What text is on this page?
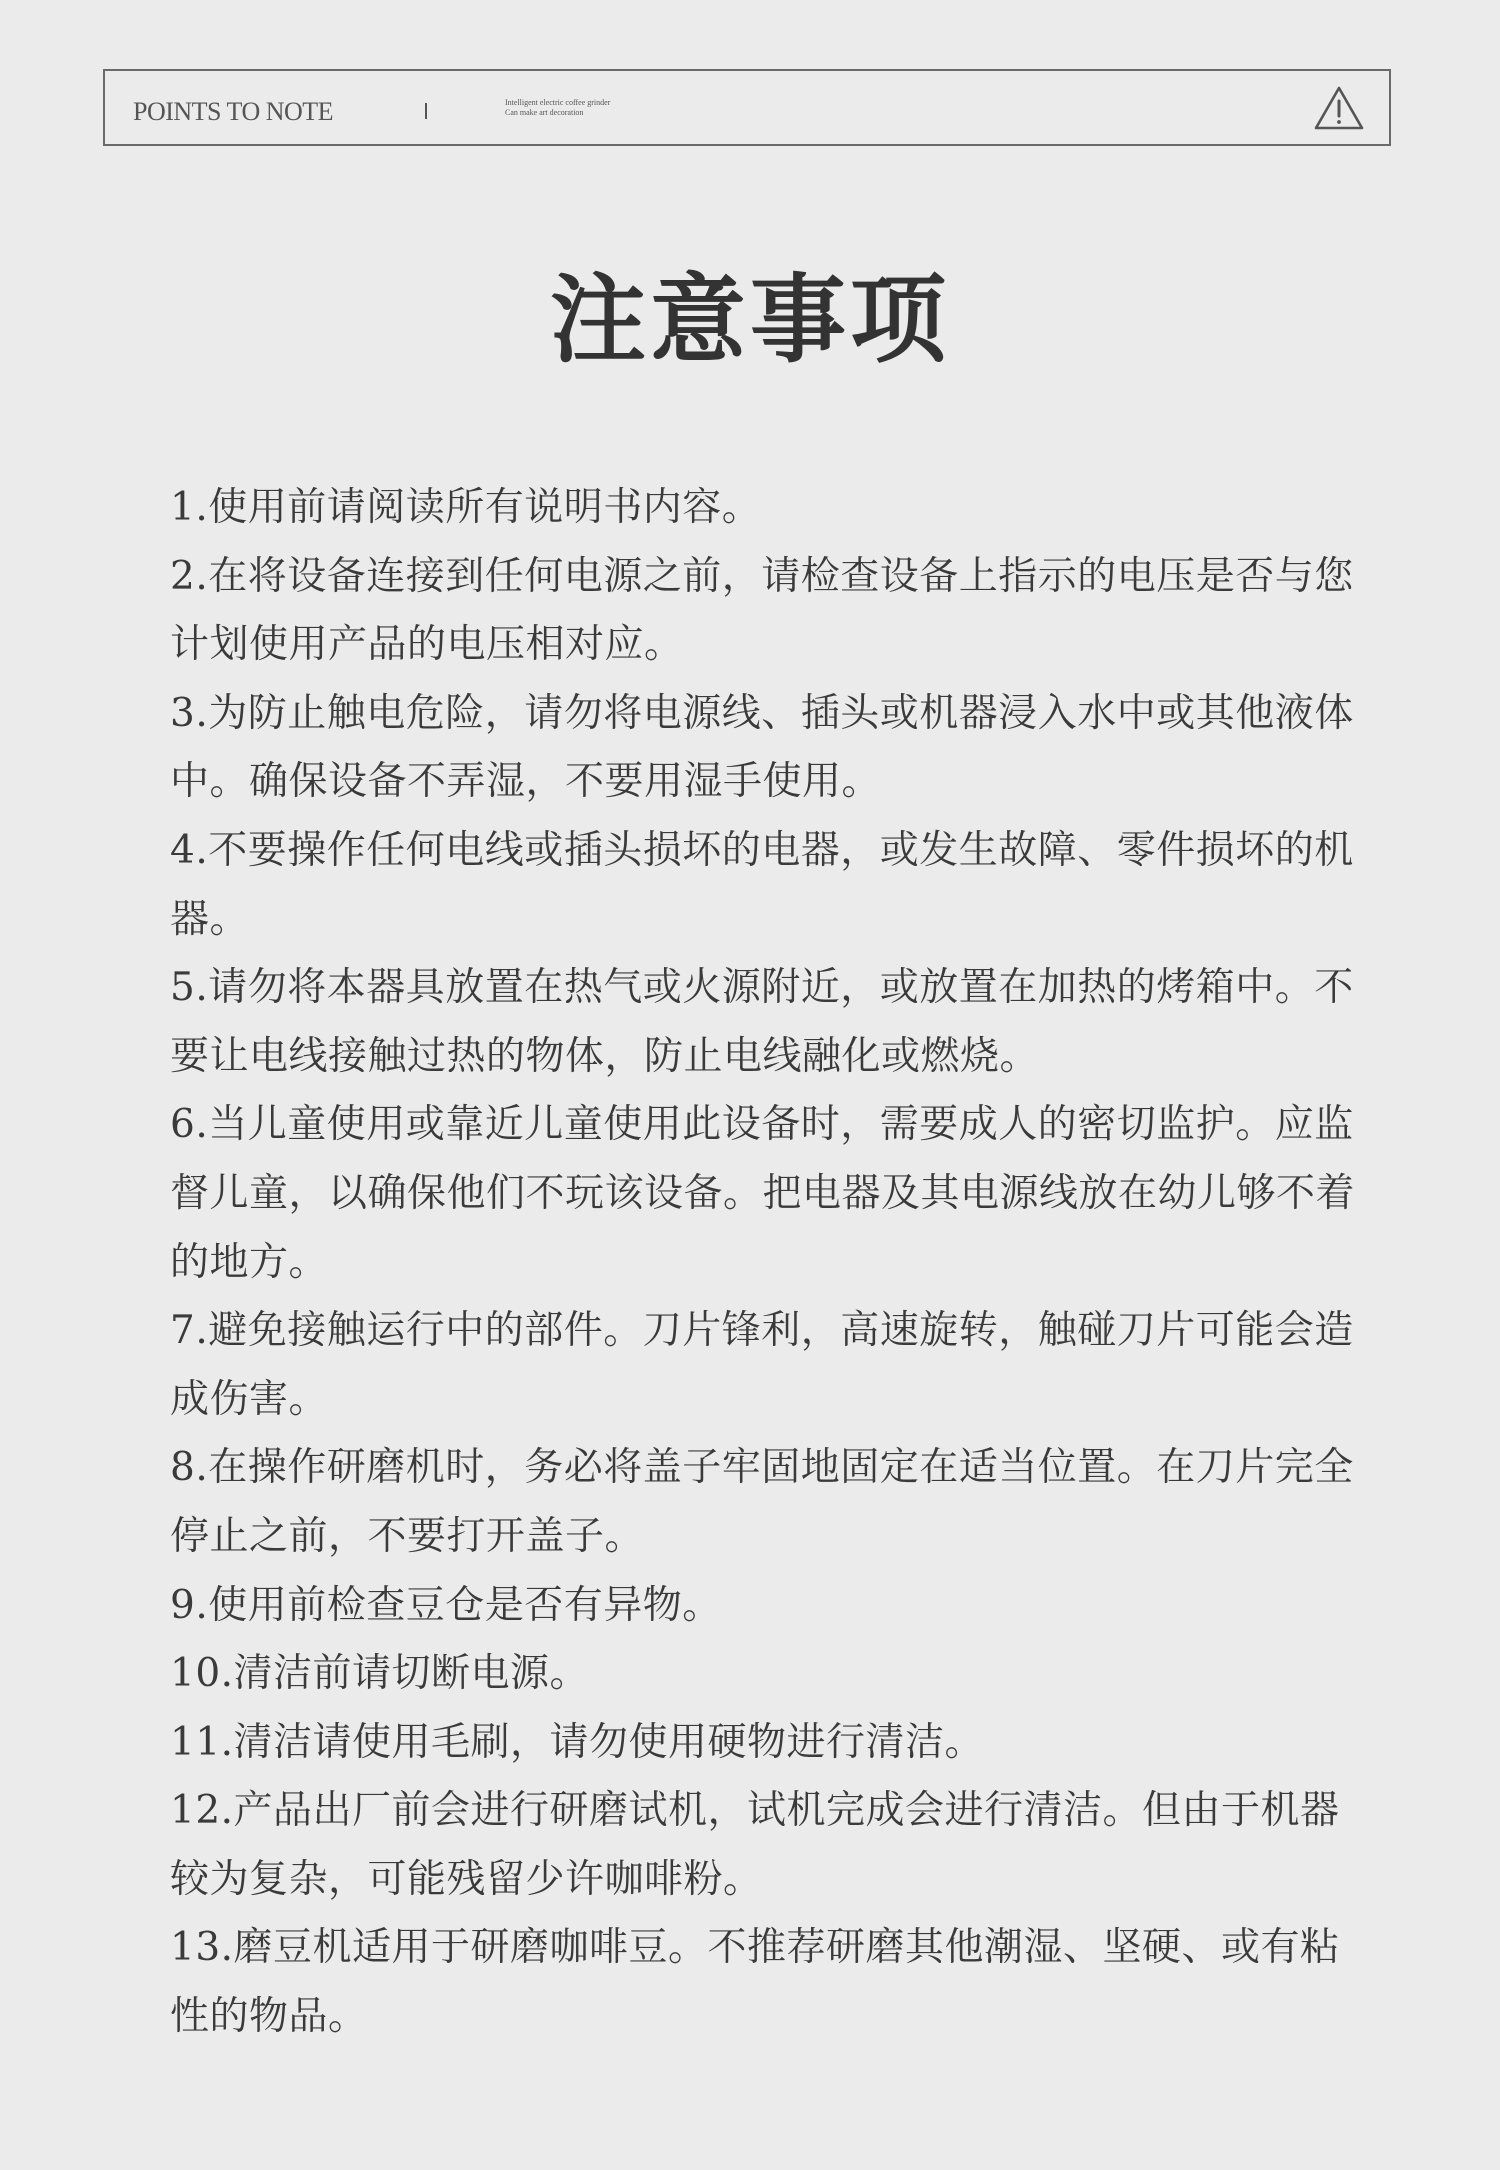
POINTS TO NOTE	Intelligent electric coffee grinder
Can make art decoration
注意事项
1.使用前请阅读所有说明书内容。
2.在将设备连接到任何电源之前，请检查设备上指示的电压是否与您计划使用产品的电压相对应。
3.为防止触电危险，请勿将电源线、插头或机器浸入水中或其他液体中。确保设备不弄湿，不要用湿手使用。
4.不要操作任何电线或插头损坏的电器，或发生故障、零件损坏的机器。
5.请勿将本器具放置在热气或火源附近，或放置在加热的烤箱中。不要让电线接触过热的物体，防止电线融化或燃烧。
6.当儿童使用或靠近儿童使用此设备时，需要成人的密切监护。应监督儿童，以确保他们不玩该设备。把电器及其电源线放在幼儿够不着的地方。
7.避免接触运行中的部件。刀片锋利，高速旋转，触碰刀片可能会造成伤害。
8.在操作研磨机时，务必将盖子牢固地固定在适当位置。在刀片完全停止之前，不要打开盖子。
9.使用前检查豆仓是否有异物。
10.清洁前请切断电源。
11.清洁请使用毛刷，请勿使用硬物进行清洁。
12.产品出厂前会进行研磨试机，试机完成会进行清洁。但由于机器较为复杂，可能残留少许咖啡粉。
13.磨豆机适用于研磨咖啡豆。不推荐研磨其他潮湿、坚硬、或有粘性的物品。
